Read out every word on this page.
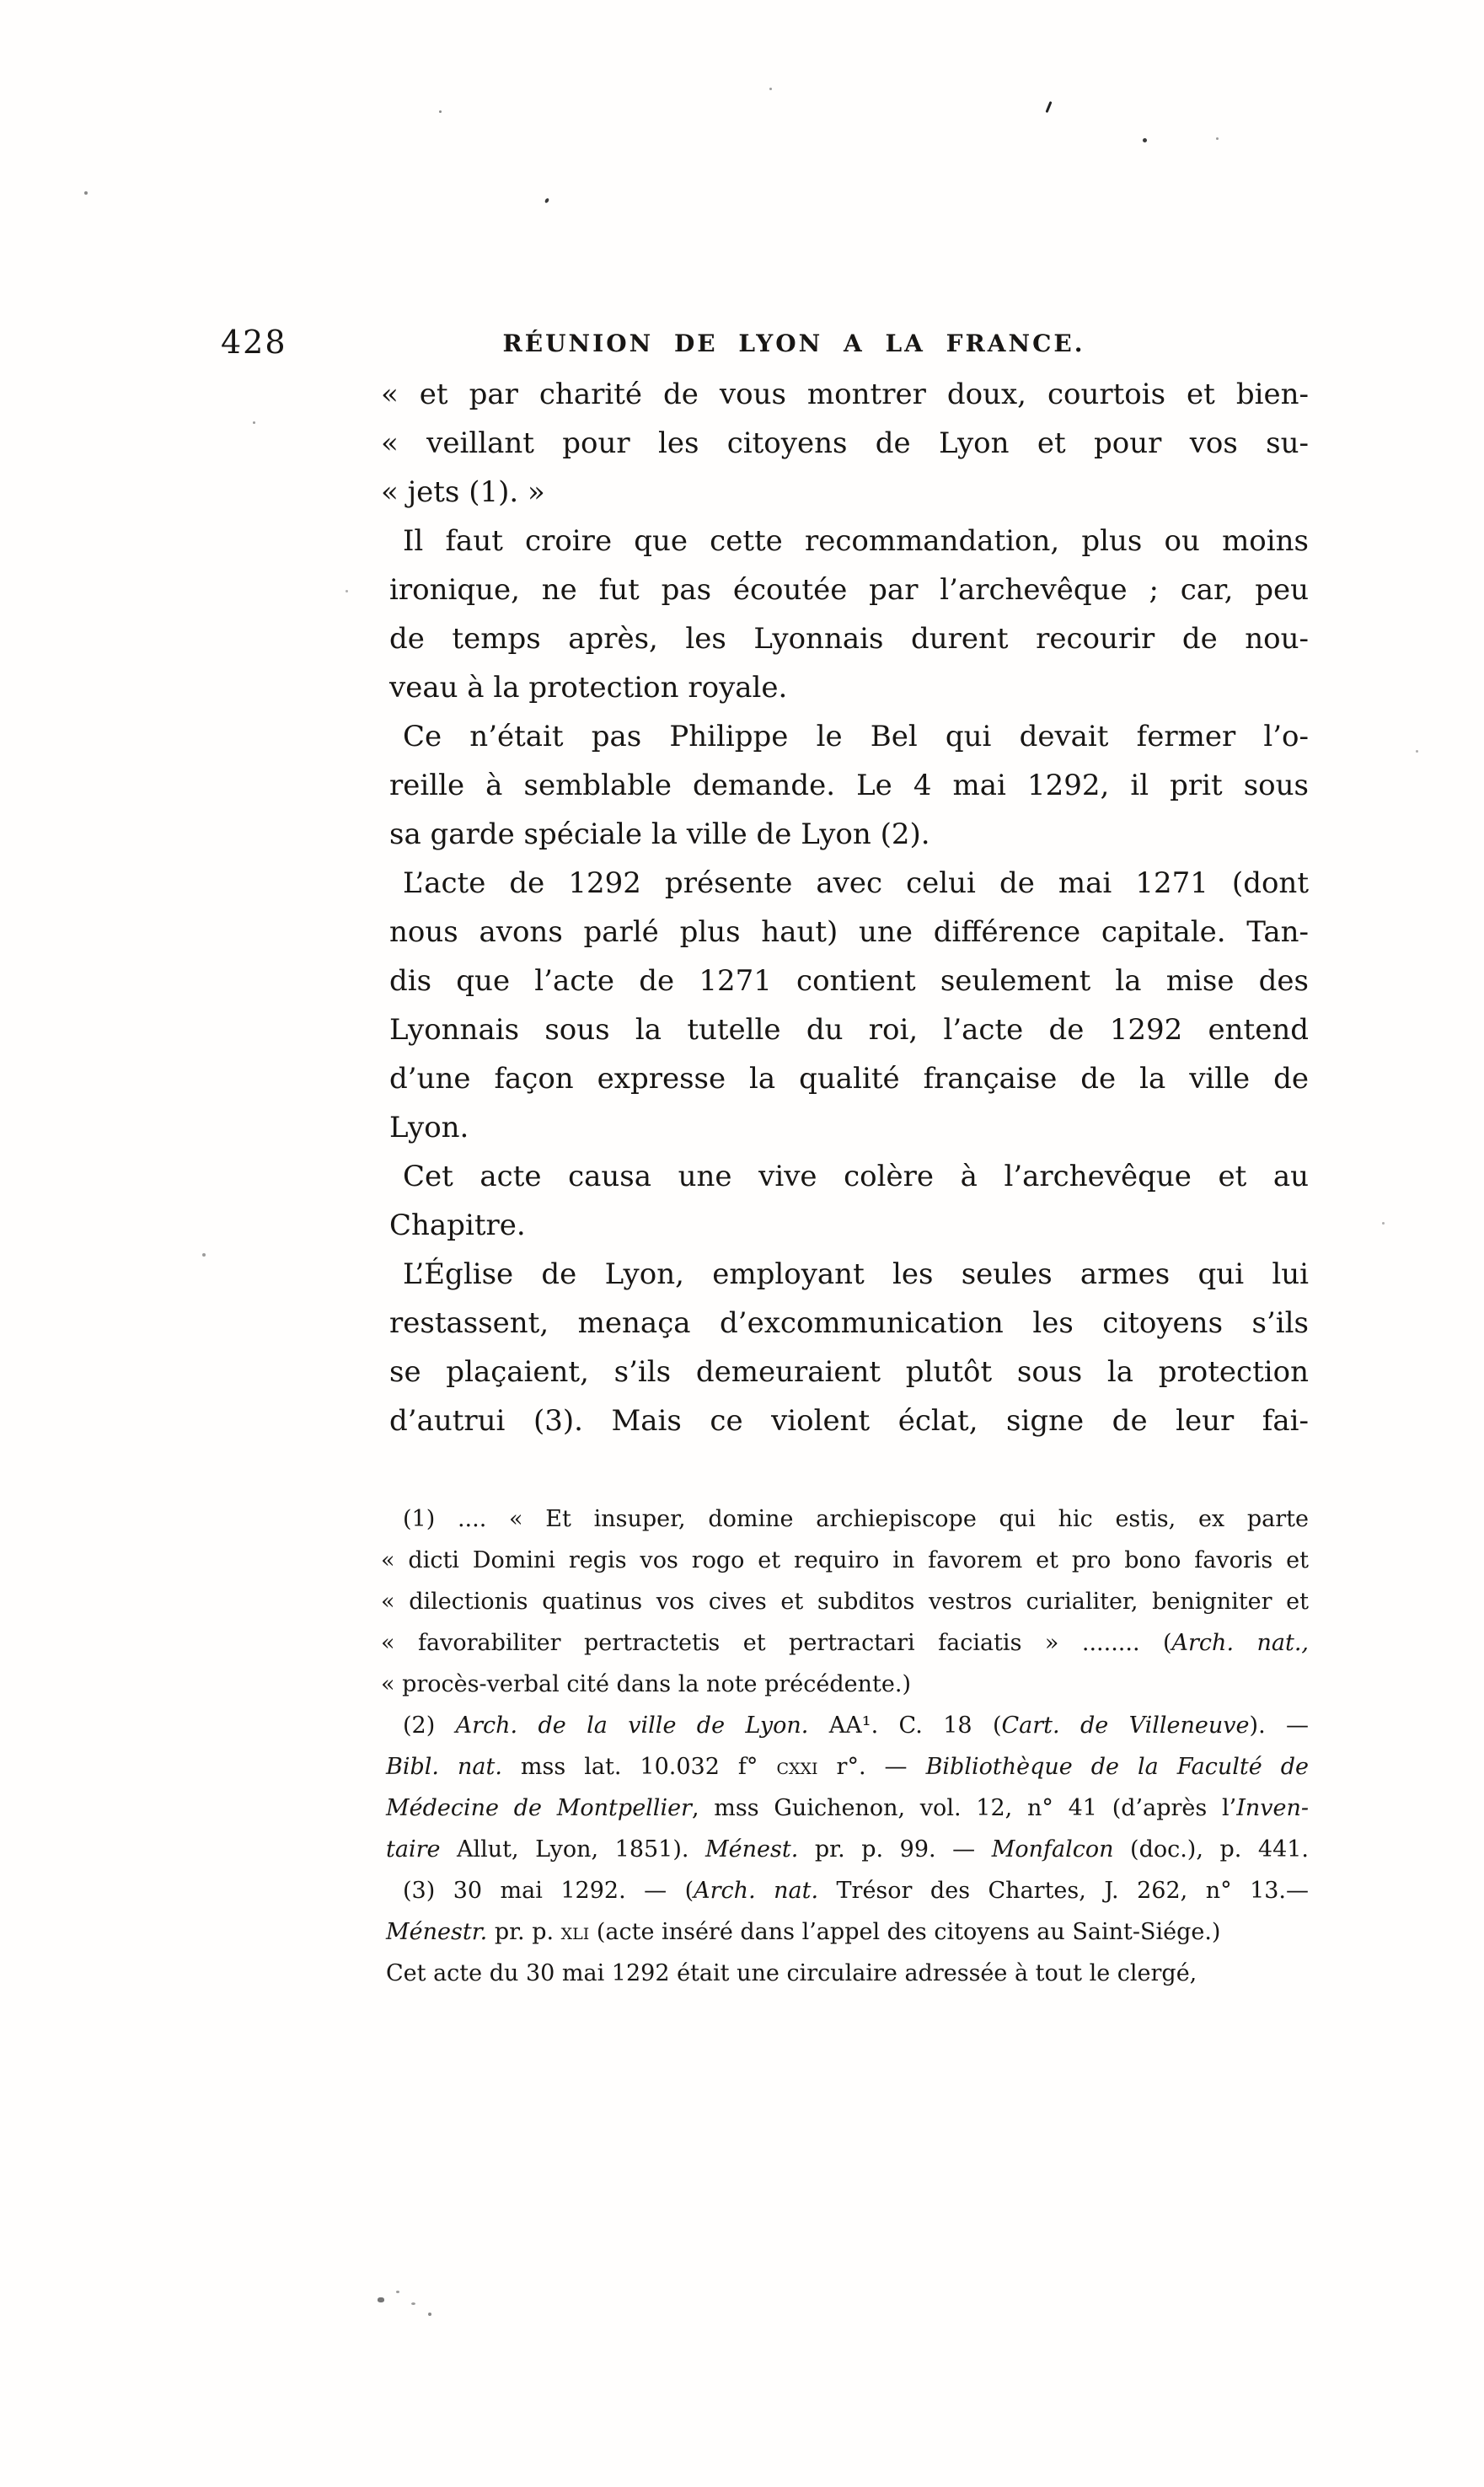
428	RÉUNION DE LYON A LA FRANCE.
« et par charité de vous montrer doux, courtois et bien-
« veillant pour les citoyens de Lyon et pour vos su-
« jets (1). »
Il faut croire que cette recommandation, plus ou moins
ironique, ne fut pas écoutée par l’archevêque ; car, peu
de temps après, les Lyonnais durent recourir de nou-
veau à la protection royale.
Ce n’était pas Philippe le Bel qui devait fermer l’o-
reille à semblable demande. Le 4 mai 1292, il prit sous
sa garde spéciale la ville de Lyon (2).
L’acte de 1292 présente avec celui de mai 1271 (dont
nous avons parlé plus haut) une différence capitale. Tan-
dis que l’acte de 1271 contient seulement la mise des
Lyonnais sous la tutelle du roi, l’acte de 1292 entend
d’une façon expresse la qualité française de la ville de
Lyon.
Cet acte causa une vive colère à l’archevêque et au
Chapitre.
L’Église de Lyon, employant les seules armes qui lui
restassent, menaça d’excommunication les citoyens s’ils
se plaçaient, s’ils demeuraient plutôt sous la protection
d’autrui (3). Mais ce violent éclat, signe de leur fai-
(1) .... « Et insuper, domine archiepiscope qui hic estis, ex parte
« dicti Domini regis vos rogo et requiro in favorem et pro bono favoris et
« dilectionis quatinus vos cives et subditos vestros curialiter, benigniter et
« favorabiliter pertractetis et pertractari faciatis » ........ (Arch. nat.,
« procès-verbal cité dans la note précédente.)
(2) Arch. de la ville de Lyon. AA¹. C. 18 (Cart. de Villeneuve). —
Bibl. nat. mss lat. 10.032 f° cxxi r°. — Bibliothèque de la Faculté de
Médecine de Montpellier, mss Guichenon, vol. 12, n° 41 (d’après l’Inven-
taire Allut, Lyon, 1851). Ménest. pr. p. 99. — Monfalcon (doc.), p. 441.
(3) 30 mai 1292. — (Arch. nat. Trésor des Chartes, J. 262, n° 13.—
Ménestr. pr. p. xli (acte inséré dans l’appel des citoyens au Saint-Siége.)
Cet acte du 30 mai 1292 était une circulaire adressée à tout le clergé,
